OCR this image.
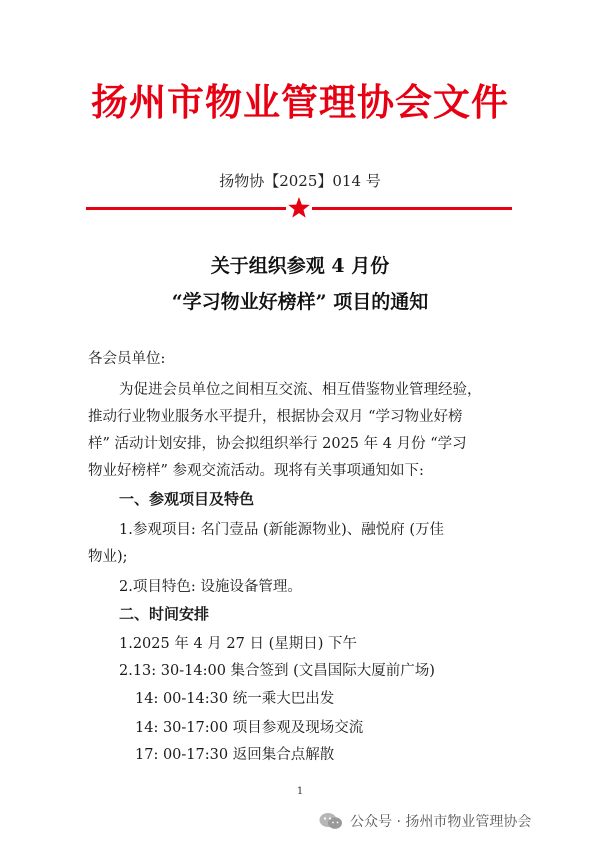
扬州市物业管理协会文件
扬物协【2025】014 号
关于组织参观 4 月份
“学习物业好榜样” 项目的通知
各会员单位:
为促进会员单位之间相互交流、相互借鉴物业管理经验，
推动行业物业服务水平提升，根据协会双月 “学习物业好榜
样” 活动计划安排，协会拟组织举行 2025 年 4 月份 “学习
物业好榜样” 参观交流活动。现将有关事项通知如下:
一、参观项目及特色
1.参观项目: 名门壹品 (新能源物业)、融悦府 (万佳
物业);
2.项目特色: 设施设备管理。
二、时间安排
1.2025 年 4 月 27 日 (星期日) 下午
2.13: 30-14:00 集合签到 (文昌国际大厦前广场)
14: 00-14:30 统一乘大巴出发
14: 30-17:00 项目参观及现场交流
17: 00-17:30 返回集合点解散
1
公众号 · 扬州市物业管理协会
